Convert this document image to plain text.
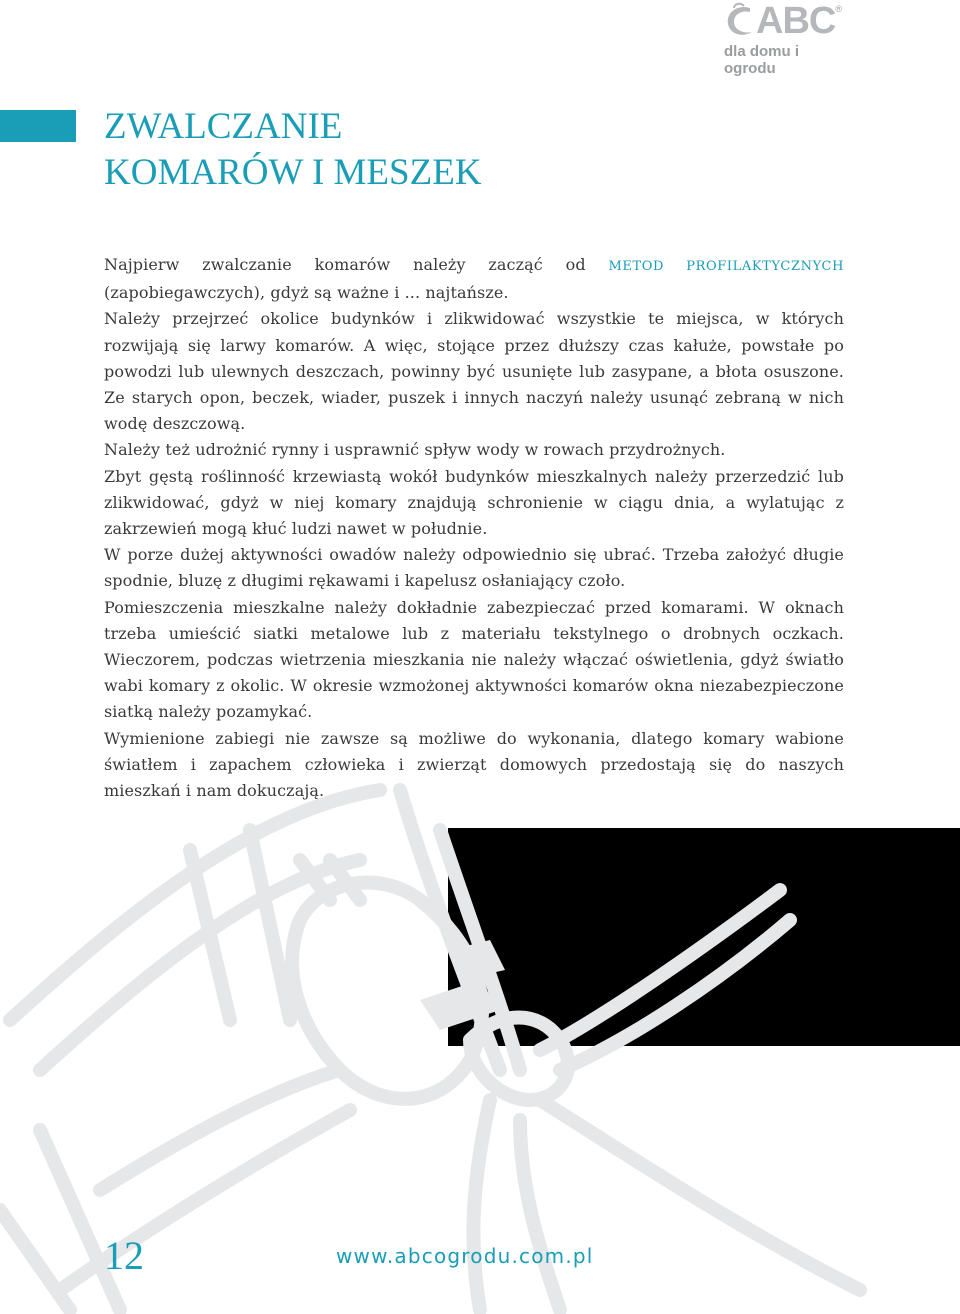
ABC ®
dla domu i ogrodu
ZWALCZANIE
KOMARÓW I MESZEK

Najpierw zwalczanie komarów należy zacząć od METOD PROFILAKTYCZNYCH (zapobiegawczych), gdyż są ważne i ... najtańsze.

Należy przejrzeć okolice budynków i zlikwidować wszystkie te miejsca, w których rozwijają się larwy komarów. A więc, stojące przez dłuższy czas kałuże, powstałe po powodzi lub ulewnych deszczach, powinny być usunięte lub zasypane, a błota osuszone. Ze starych opon, beczek, wiader, puszek i innych naczyń należy usunąć zebraną w nich wodę deszczową.

Należy też udrożnić rynny i usprawnić spływ wody w rowach przydrożnych.

Zbyt gęstą roślinność krzewiastą wokół budynków mieszkalnych należy przerzedzić lub zlikwidować, gdyż w niej komary znajdują schronienie w ciągu dnia, a wylatując z zakrzewień mogą kłuć ludzi nawet w południe.

W porze dużej aktywności owadów należy odpowiednio się ubrać. Trzeba założyć długie spodnie, bluzę z długimi rękawami i kapelusz osłaniający czoło.

Pomieszczenia mieszkalne należy dokładnie zabezpieczać przed komarami. W oknach trzeba umieścić siatki metalowe lub z materiału tekstylnego o drobnych oczkach. Wieczorem, podczas wietrzenia mieszkania nie należy włączać oświetlenia, gdyż światło wabi komary z okolic. W okresie wzmożonej aktywności komarów okna niezabezpieczone siatką należy pozamykać.

Wymienione zabiegi nie zawsze są możliwe do wykonania, dlatego komary wabione światłem i zapachem człowieka i zwierząt domowych przedostają się do naszych mieszkań i nam dokuczają.

12	www.abcogrodu.com.pl
